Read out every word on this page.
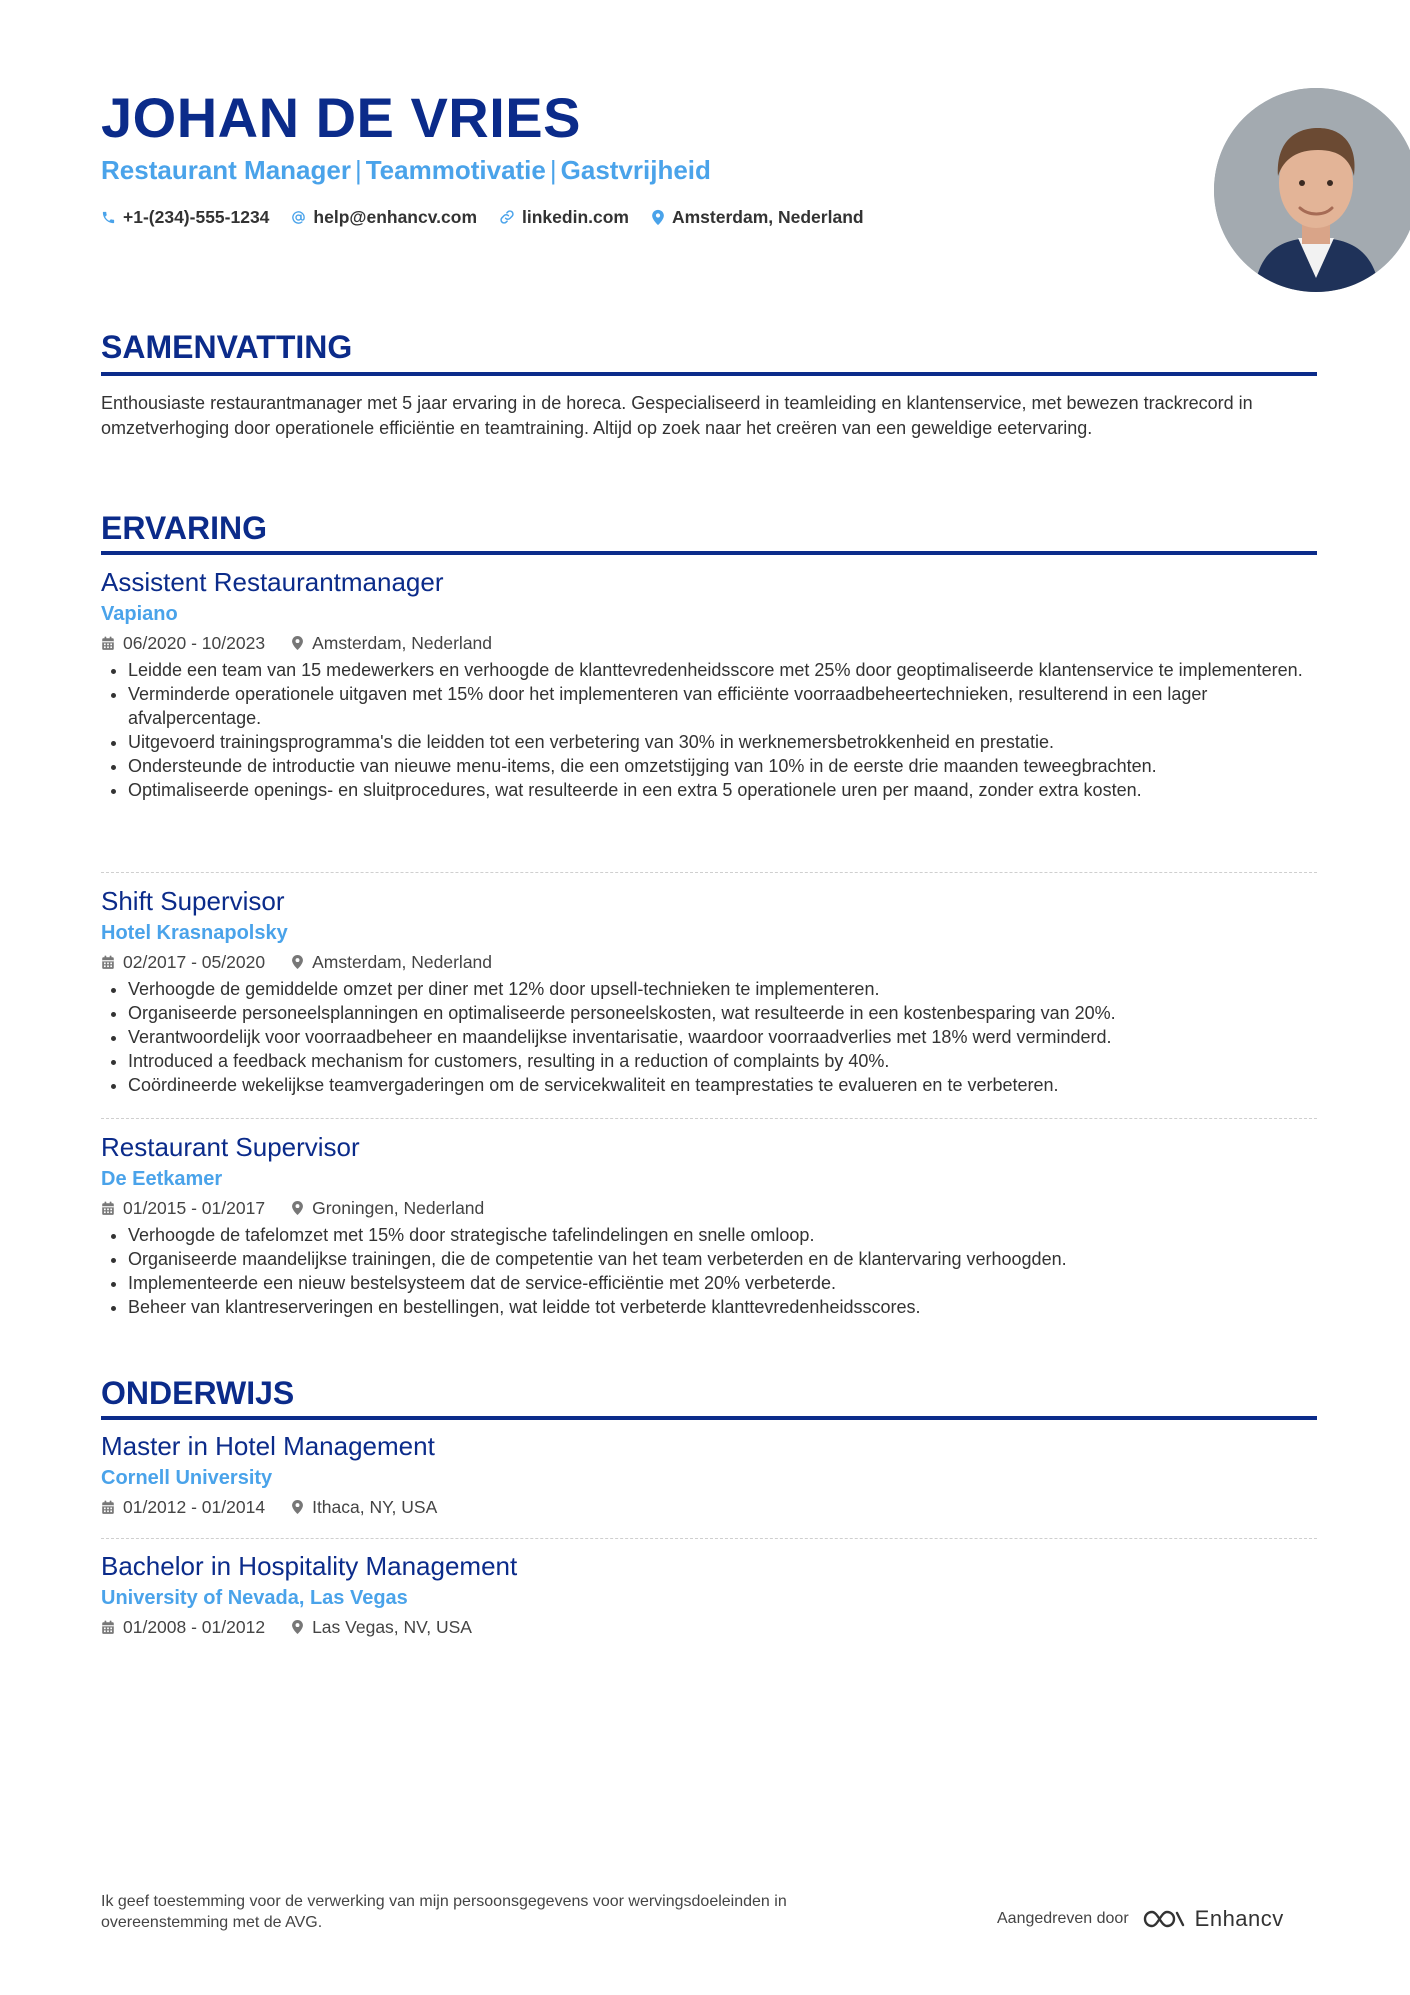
JOHAN DE VRIES
Restaurant Manager | Teammotivatie | Gastvrijheid
+1-(234)-555-1234	help@enhancv.com	linkedin.com Amsterdam, Nederland
SAMENVATTING

Enthousiaste restaurantmanager met 5 jaar ervaring in de horeca. Gespecialiseerd in teamleiding en klantenservice, met bewezen trackrecord in omzetverhoging door operationele efficiëntie en teamtraining. Altijd op zoek naar het creëren van een geweldige eetervaring.

ERVARING
Assistent Restaurantmanager
Vapiano
06/2020 - 10/2023	Amsterdam, Nederland
• Leidde een team van 15 medewerkers en verhoogde de klanttevredenheidsscore met 25% door geoptimaliseerde klantenservice te implementeren.
• Verminderde operationele uitgaven met 15% door het implementeren van efficiënte voorraadbeheertechnieken, resulterend in een lager afvalpercentage.
• Uitgevoerd trainingsprogramma's die leidden tot een verbetering van 30% in werknemersbetrokkenheid en prestatie.
• Ondersteunde de introductie van nieuwe menu-items, die een omzetstijging van 10% in de eerste drie maanden teweegbrachten.
• Optimaliseerde openings- en sluitprocedures, wat resulteerde in een extra 5 operationele uren per maand, zonder extra kosten.
Shift Supervisor
Hotel Krasnapolsky
02/2017 - 05/2020	Amsterdam, Nederland
• Verhoogde de gemiddelde omzet per diner met 12% door upsell-technieken te implementeren.
• Organiseerde personeelsplanningen en optimaliseerde personeelskosten, wat resulteerde in een kostenbesparing van 20%.
• Verantwoordelijk voor voorraadbeheer en maandelijkse inventarisatie, waardoor voorraadverlies met 18% werd verminderd.
• Introduced a feedback mechanism for customers, resulting in a reduction of complaints by 40%.
• Coördineerde wekelijkse teamvergaderingen om de servicekwaliteit en teamprestaties te evalueren en te verbeteren.
Restaurant Supervisor
De Eetkamer
01/2015 - 01/2017	Groningen, Nederland
• Verhoogde de tafelomzet met 15% door strategische tafelindelingen en snelle omloop.
• Organiseerde maandelijkse trainingen, die de competentie van het team verbeterden en de klantervaring verhoogden.
• Implementeerde een nieuw bestelsysteem dat de service-efficiëntie met 20% verbeterde.
• Beheer van klantreserveringen en bestellingen, wat leidde tot verbeterde klanttevredenheidsscores.
ONDERWIJS
Master in Hotel Management
Cornell University
01/2012 - 01/2014	Ithaca, NY, USA
Bachelor in Hospitality Management
University of Nevada, Las Vegas
01/2008 - 01/2012	Las Vegas, NV, USA
Ik geef toestemming voor de verwerking van mijn persoonsgegevens voor wervingsdoeleinden in overeenstemming met de AVG.	Aangedreven door	Enhancv
